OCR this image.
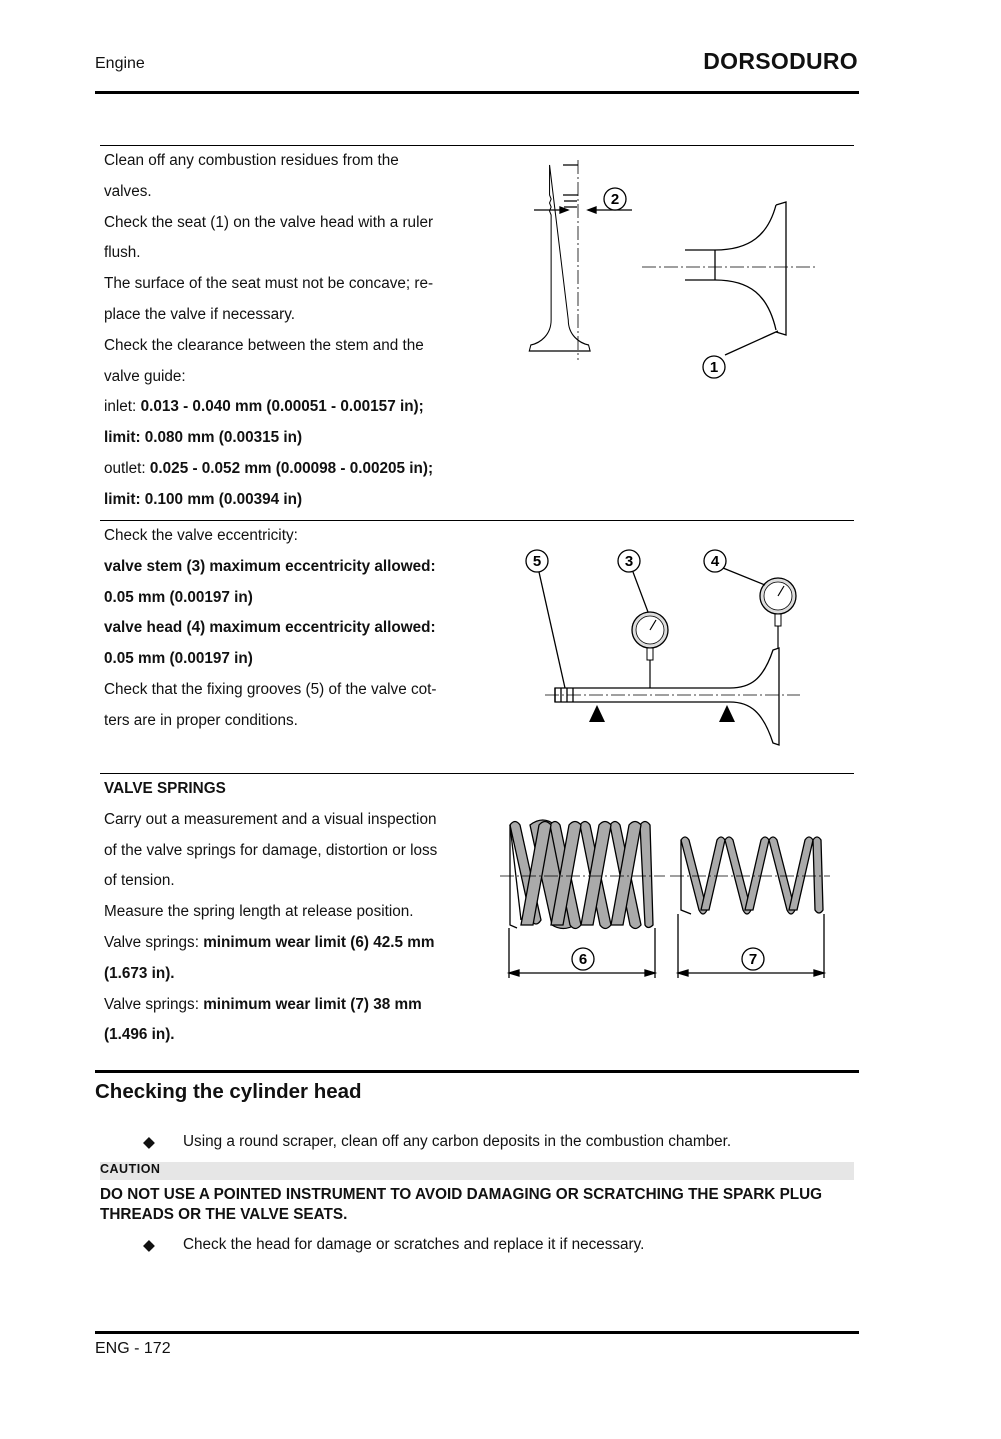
Engine	DORSODURO

Clean off any combustion residues from the

valves.

Check the seat (1) on the valve head with a ruler

flush.

The surface of the seat must not be concave; re-

place the valve if necessary.

Check the clearance between the stem and the

valve guide:

inlet: 0.013 - 0.040 mm (0.00051 - 0.00157 in);

limit: 0.080 mm (0.00315 in)

outlet: 0.025 - 0.052 mm (0.00098 - 0.00205 in);

limit: 0.100 mm (0.00394 in)

1
2

Check the valve eccentricity:

valve stem (3) maximum eccentricity allowed:

0.05 mm (0.00197 in)

valve head (4) maximum eccentricity allowed:

0.05 mm (0.00197 in)

Check that the fixing grooves (5) of the valve cot-

ters are in proper conditions.

5	3	4

VALVE SPRINGS

Carry out a measurement and a visual inspection

of the valve springs for damage, distortion or loss

of tension.

Measure the spring length at release position.

Valve springs: minimum wear limit (6) 42.5 mm

(1.673 in).

Valve springs: minimum wear limit (7) 38 mm

(1.496 in).

6	7
Checking the cylinder head
◆ Using a round scraper, clean off any carbon deposits in the combustion chamber.
CAUTION
DO NOT USE A POINTED INSTRUMENT TO AVOID DAMAGING OR SCRATCHING THE SPARK PLUG THREADS OR THE VALVE SEATS.
◆ Check the head for damage or scratches and replace it if necessary.
ENG - 172
